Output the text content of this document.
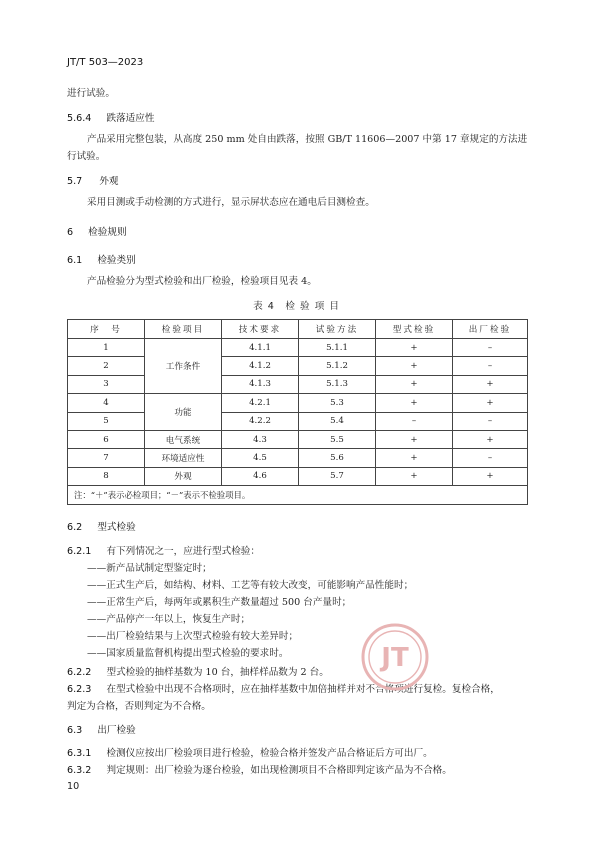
JT/T 503—2023
进行试验。
5.6.4 跌落适应性
产品采用完整包装，从高度 250 mm 处自由跌落，按照 GB/T 11606—2007 中第 17 章规定的方法进
行试验。
5.7 外观
采用目测或手动检测的方式进行，显示屏状态应在通电后目测检查。
6 检验规则
6.1 检验类别
产品检验分为型式检验和出厂检验，检验项目见表 4。
表 4　检 验 项 目
序　号	检验项目	技术要求	试验方法	型式检验	出厂检验
1	工作条件	4.1.1	5.1.1	+	–
2		4.1.2	5.1.2	+	–
3		4.1.3	5.1.3	+	+
4	功能	4.2.1	5.3	+	+
5		4.2.2	5.4	–	–
6	电气系统	4.3	5.5	+	+
7	环境适应性	4.5	5.6	+	–
8	外观	4.6	5.7	+	+
注：“＋”表示必检项目；“－”表示不检验项目。					
6.2 型式检验
6.2.1 有下列情况之一，应进行型式检验：
——新产品试制定型鉴定时；
——正式生产后，如结构、材料、工艺等有较大改变，可能影响产品性能时；
——正常生产后，每两年或累积生产数量超过 500 台产量时；
——产品停产一年以上，恢复生产时；
——出厂检验结果与上次型式检验有较大差异时；
——国家质量监督机构提出型式检验的要求时。
6.2.2 型式检验的抽样基数为 10 台，抽样样品数为 2 台。
6.2.3 在型式检验中出现不合格项时，应在抽样基数中加倍抽样并对不合格项进行复检。复检合格，
判定为合格，否则判定为不合格。
6.3 出厂检验
6.3.1 检测仪应按出厂检验项目进行检验，检验合格并签发产品合格证后方可出厂。
6.3.2 判定规则：出厂检验为逐台检验，如出现检测项目不合格即判定该产品为不合格。
10
JT
